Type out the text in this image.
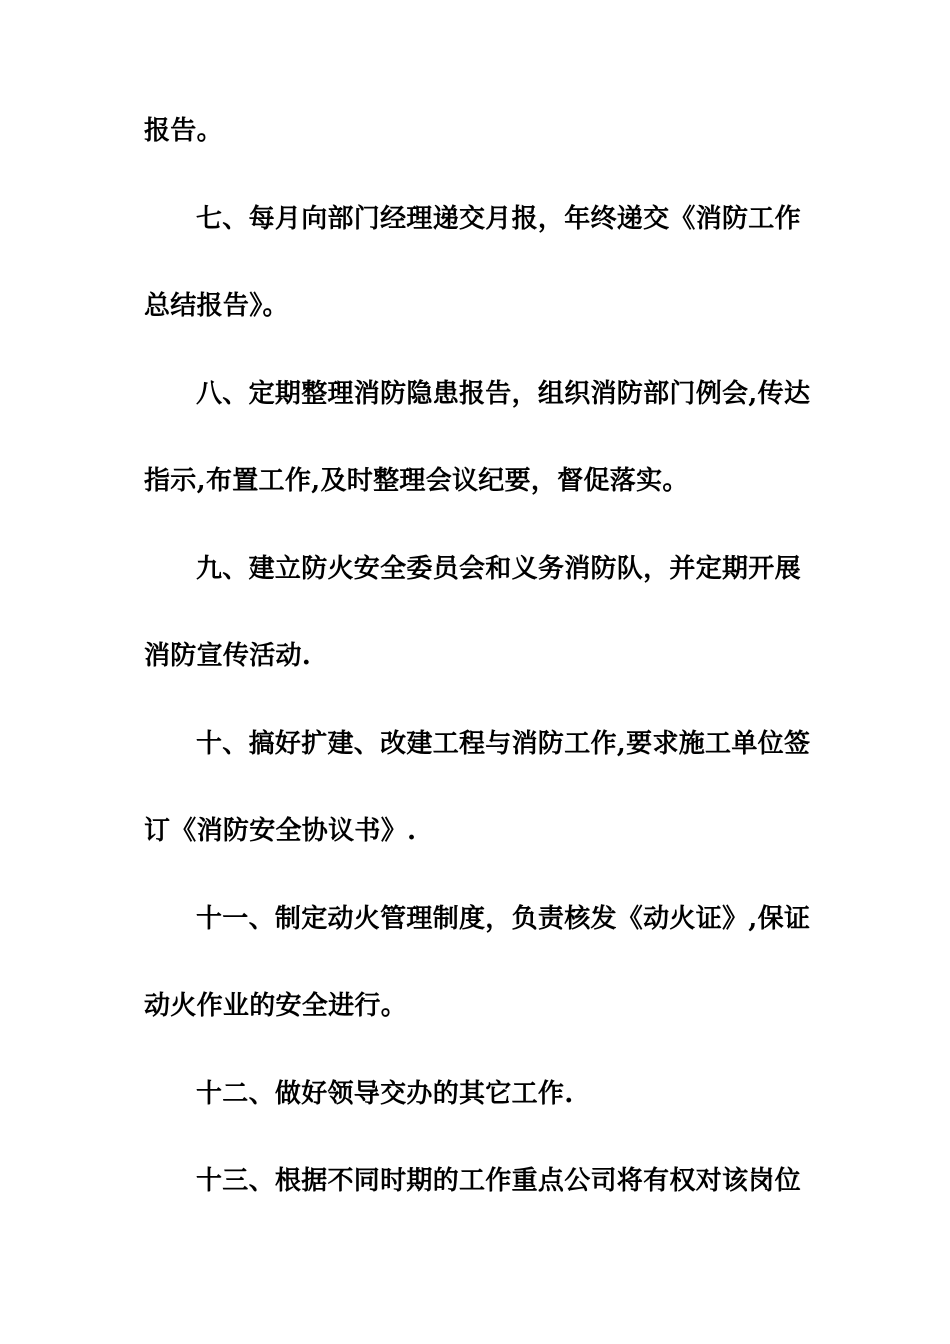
报告。
七、每月向部门经理递交月报，年终递交《消防工作
总结报告》。
八、定期整理消防隐患报告，组织消防部门例会,传达
指示,布置工作,及时整理会议纪要，督促落实。
九、建立防火安全委员会和义务消防队，并定期开展
消防宣传活动.
十、搞好扩建、改建工程与消防工作,要求施工单位签
订《消防安全协议书》.
十一、制定动火管理制度，负责核发《动火证》,保证
动火作业的安全进行。
十二、做好领导交办的其它工作.
十三、根据不同时期的工作重点公司将有权对该岗位
